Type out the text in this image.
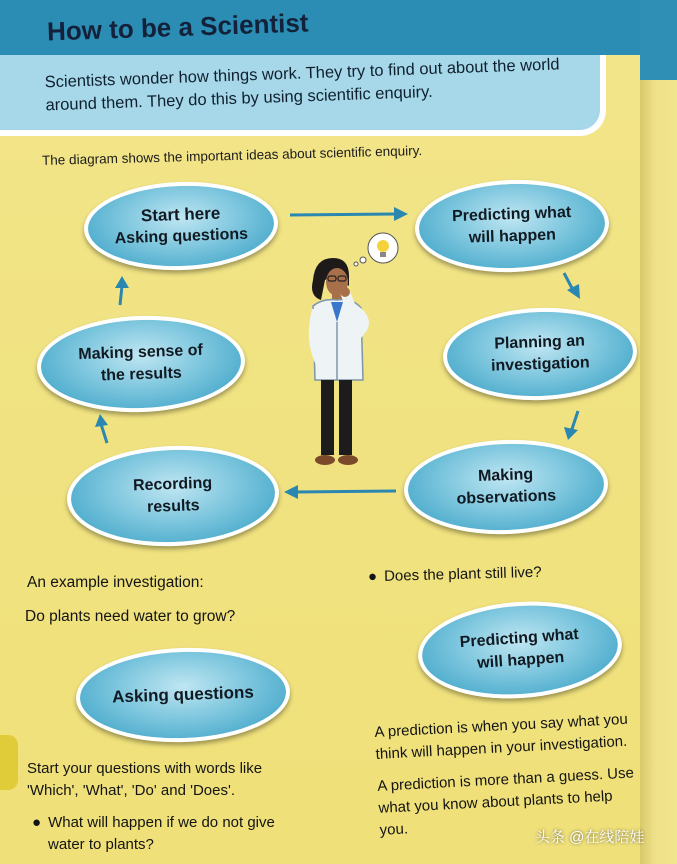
How to be a Scientist

Scientists wonder how things work. They try to find out about the world around them. They do this by using scientific enquiry.

The diagram shows the important ideas about scientific enquiry.

Start here
Asking questions
Predicting what
will happen
Planning an
investigation
Making
observations
Recording
results
Making sense of
the results

An example investigation:

Do plants need water to grow?

Asking questions

Start your questions with words like

'Which', 'What', 'Do' and 'Does'.

● What will happen if we do not give

water to plants?

● Does the plant still live?

Predicting what
will happen

A prediction is when you say what you

think will happen in your investigation.

A prediction is more than a guess. Use

what you know about plants to help you.	头条 @在线陪娃
